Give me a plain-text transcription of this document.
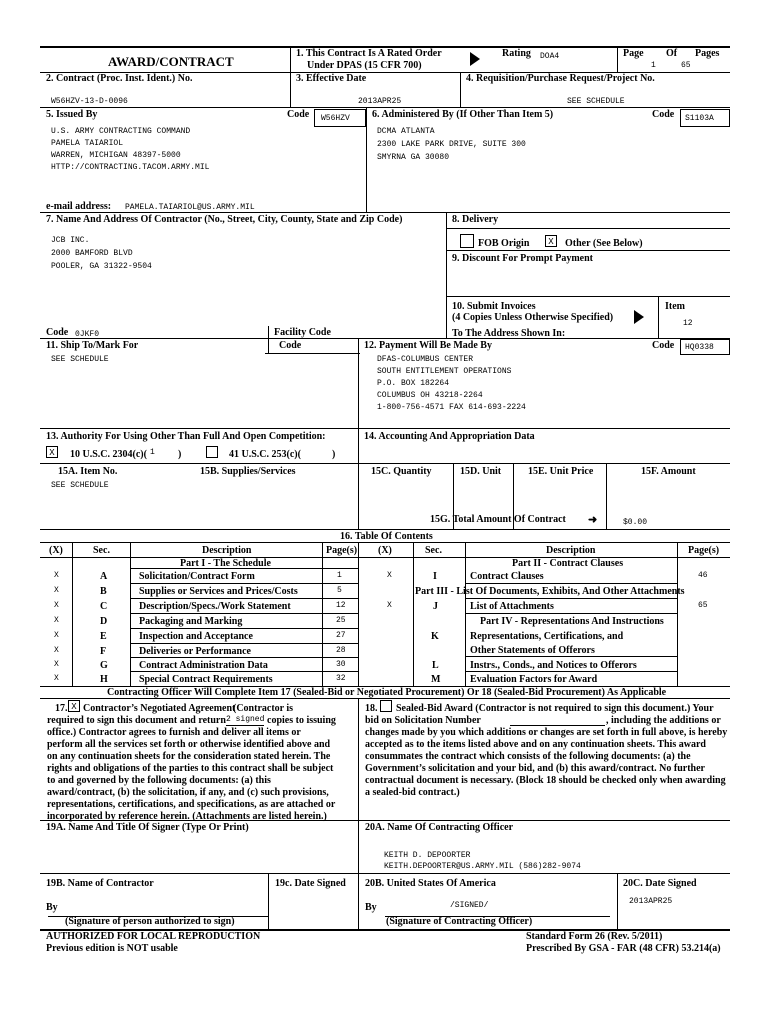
AWARD/CONTRACT
1. This Contract Is A Rated Order
Under DPAS (15 CFR 700)
Rating DOA4	Page Of Pages
1	65
2. Contract (Proc. Inst. Ident.) No.
W56HZV-13-D-0096
3. Effective Date
2013APR25
4. Requisition/Purchase Request/Project No.
SEE SCHEDULE
5. Issued By	Code W56HZV
U.S. ARMY CONTRACTING COMMAND
PAMELA TAIARIOL
WARREN, MICHIGAN 48397-5000
HTTP://CONTRACTING.TACOM.ARMY.MIL
e-mail address: PAMELA.TAIARIOL@US.ARMY.MIL
6. Administered By (If Other Than Item 5)	Code S1103A
DCMA ATLANTA
2300 LAKE PARK DRIVE, SUITE 300
SMYRNA GA 30080
7. Name And Address Of Contractor (No., Street, City, County, State and Zip Code)
JCB INC.
2000 BAMFORD BLVD
POOLER, GA 31322-9504
Code 0JKF0	Facility Code
8. Delivery
FOB Origin	X	Other (See Below)
9. Discount For Prompt Payment
10. Submit Invoices
(4 Copies Unless Otherwise Specified)
To The Address Shown In:
Item
12
11. Ship To/Mark For	Code
SEE SCHEDULE
12. Payment Will Be Made By	Code HQ0338
DFAS-COLUMBUS CENTER
SOUTH ENTITLEMENT OPERATIONS
P.O. BOX 182264
COLUMBUS OH 43218-2264
1-800-756-4571 FAX 614-693-2224
13. Authority For Using Other Than Full And Open Competition:
X	10 U.S.C. 2304(c)( 1 )	41 U.S.C. 253(c)(	)
14. Accounting And Appropriation Data
15A. Item No.	15B. Supplies/Services	15C. Quantity	15D. Unit	15E. Unit Price	15F. Amount
SEE SCHEDULE
15G. Total Amount Of Contract ➜	$0.00
16. Table Of Contents
(X)	Sec.	Description	Page(s) (X)	Sec.	Description	Page(s)
Part I - The Schedule	Part II - Contract Clauses
X	A	Solicitation/Contract Form	1
X	B	Supplies or Services and Prices/Costs	5
X	C	Description/Specs./Work Statement	12
X	D	Packaging and Marking	25
X	E	Inspection and Acceptance	27
X	F	Deliveries or Performance	28
X	G	Contract Administration Data	30
X	H	Special Contract Requirements	32
X	I	Contract Clauses	46
Part III - List Of Documents, Exhibits, And Other Attachments
X	J	List of Attachments	65
Part IV - Representations And Instructions
K	Representations, Certifications, and
Other Statements of Offerors
L	Instrs., Conds., and Notices to Offerors
M	Evaluation Factors for Award
Contracting Officer Will Complete Item 17 (Sealed-Bid or Negotiated Procurement) Or 18 (Sealed-Bid Procurement) As Applicable
17. X Contractor’s Negotiated Agreement
(Contractor is
required to sign this document and return 2 signed copies to issuing
office.) Contractor agrees to furnish and deliver all items or
perform all the services set forth or otherwise identified above and
on any continuation sheets for the consideration stated herein. The
rights and obligations of the parties to this contract shall be subject
to and governed by the following documents: (a) this
award/contract, (b) the solicitation, if any, and (c) such provisions,
representations, certifications, and specifications, as are attached or
incorporated by reference herein. (Attachments are listed herein.)
18. Sealed-Bid Award (Contractor is not required to sign this document.) Your
bid on Solicitation Number	, including the additions or
changes made by you which additions or changes are set forth in full above, is hereby
accepted as to the items listed above and on any continuation sheets. This award
consummates the contract which consists of the following documents: (a) the
Government’s solicitation and your bid, and (b) this award/contract. No further
contractual document is necessary. (Block 18 should be checked only when awarding
a sealed-bid contract.)
19A. Name And Title Of Signer (Type Or Print)	20A. Name Of Contracting Officer
KEITH D. DEPOORTER
KEITH.DEPOORTER@US.ARMY.MIL (586)282-9074
19B. Name of Contractor	19c. Date Signed 20B. United States Of America	20C. Date Signed
By	By	/SIGNED/	2013APR25
(Signature of person authorized to sign)	(Signature of Contracting Officer)
AUTHORIZED FOR LOCAL REPRODUCTION
Previous edition is NOT usable
Standard Form 26 (Rev. 5/2011)
Prescribed By GSA - FAR (48 CFR) 53.214(a)
